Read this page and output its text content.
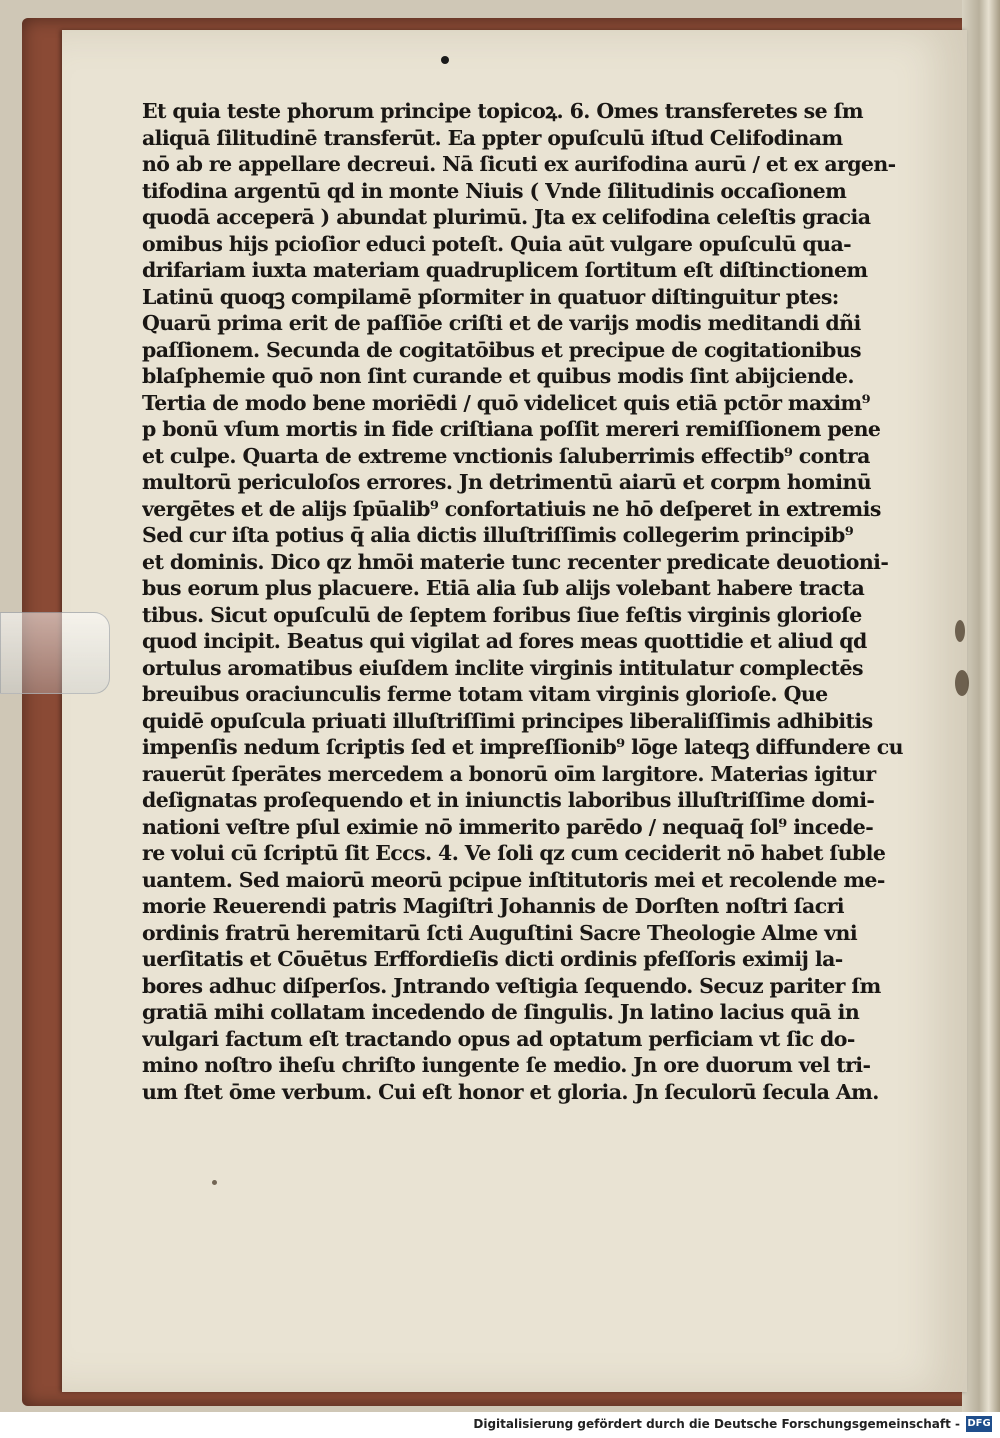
Et quia teste phorum principe topicoꝝ. 6. Omes transferetes se ſm
aliquā ſilitudinē transferūt. Ea ppter opuſculū iſtud Celifodinam
nō ab re appellare decreui. Nā ſicuti ex aurifodina aurū / et ex argen-
tifodina argentū qd in monte Niuis ( Vnde ſilitudinis occaſionem
quodā acceperā ) abundat plurimū. Jta ex celifodina celeſtis gracia
omibus hijs pcioſior educi poteſt. Quia aūt vulgare opuſculū qua-
drifariam iuxta materiam quadruplicem ſortitum eſt diſtinctionem
Latinū quoqꝫ compilamē pſormiter in quatuor diſtinguitur ptes:
Quarū prima erit de paſſiōe criſti et de varijs modis meditandi dñi
paſſionem. Secunda de cogitatōibus et precipue de cogitationibus
blaſphemie quō non ſint curande et quibus modis ſint abijciende.
Tertia de modo bene moriēdi / quō videlicet quis etiā pctōr maxim⁹
p bonū vſum mortis in fide criſtiana poſſit mereri remiſſionem pene
et culpe. Quarta de extreme vnctionis ſaluberrimis effectib⁹ contra
multorū periculoſos errores. Jn detrimentū aiarū et corpm hominū
vergētes et de alijs ſpūalib⁹ confortatiuis ne hō deſperet in extremis
Sed cur iſta potius q̄ alia dictis illuſtriſſimis collegerim principib⁹
et dominis. Dico qz hmōi materie tunc recenter predicate deuotioni-
bus eorum plus placuere. Etiā alia ſub alijs volebant habere tracta
tibus. Sicut opuſculū de ſeptem foribus ſiue feſtis virginis glorioſe
quod incipit. Beatus qui vigilat ad fores meas quottidie et aliud qd
ortulus aromatibus eiuſdem inclite virginis intitulatur complectēs
breuibus oraciunculis ferme totam vitam virginis glorioſe. Que
quidē opuſcula priuati illuſtriſſimi principes liberaliſſimis adhibitis
impenſis nedum ſcriptis ſed et impreſſionib⁹ lōge lateqꝫ diffundere cu
rauerūt ſperātes mercedem a bonorū oīm largitore. Materias igitur
deſignatas proſequendo et in iniunctis laboribus illuſtriſſime domi-
nationi veſtre pſul eximie nō immerito parēdo / nequaq̄ ſol⁹ incede-
re volui cū ſcriptū ſit Eccs. 4. Ve ſoli qz cum ceciderit nō habet ſuble
uantem. Sed maiorū meorū pcipue inſtitutoris mei et recolende me-
morie Reuerendi patris Magiſtri Johannis de Dorſten noſtri ſacri
ordinis fratrū heremitarū ſcti Auguſtini Sacre Theologie Alme vni
uerſitatis et Cōuētus Erffordieſis dicti ordinis pfeſſoris eximij la-
bores adhuc diſperſos. Jntrando veſtigia ſequendo. Secuz pariter ſm
gratiā mihi collatam incedendo de ſingulis. Jn latino lacius quā in
vulgari factum eſt tractando opus ad optatum perficiam vt ſic do-
mino noſtro iheſu chriſto iungente ſe medio. Jn ore duorum vel tri-
um ſtet ōme verbum. Cui eſt honor et gloria. Jn ſeculorū ſecula Am.
Digitalisierung gefördert durch die Deutsche Forschungsgemeinschaft - DFG
